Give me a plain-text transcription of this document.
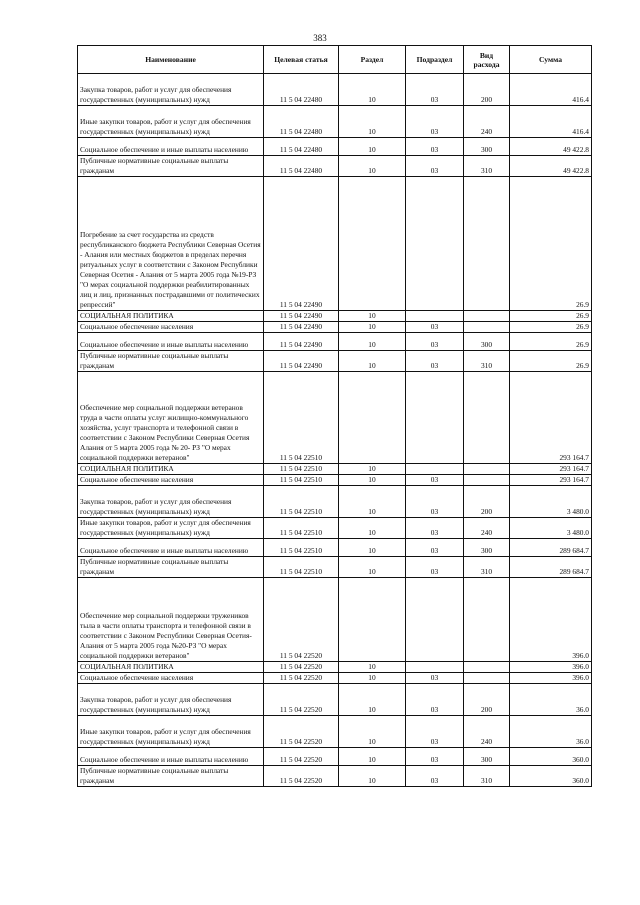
383
Наименование	Целевая статья	Раздел	Подраздел	Вид расхода	Сумма
Закупка товаров, работ и услуг для обеспечения государственных (муниципальных) нужд	11 5 04 22480	10	03	200	416.4
Иные закупки товаров, работ и услуг для обеспечения государственных (муниципальных) нужд	11 5 04 22480	10	03	240	416.4
Социальное обеспечение и иные выплаты населению	11 5 04 22480	10	03	300	49 422.8
Публичные нормативные социальные выплаты гражданам	11 5 04 22480	10	03	310	49 422.8
Погребение за счет государства из средств республиканского бюджета Республики Северная Осетия - Алания или местных бюджетов в пределах перечня ритуальных услуг в соответствии с Законом Республики Северная Осетия - Алания от 5 марта 2005 года №19-РЗ "О мерах социальной поддержки реабилитированных лиц и лиц, признанных пострадавшими от политических репрессий"	11 5 04 22490				26.9
СОЦИАЛЬНАЯ ПОЛИТИКА	11 5 04 22490	10			26.9
Социальное обеспечение населения	11 5 04 22490	10	03		26.9
Социальное обеспечение и иные выплаты населению	11 5 04 22490	10	03	300	26.9
Публичные нормативные социальные выплаты гражданам	11 5 04 22490	10	03	310	26.9
Обеспечение мер социальной поддержки ветеранов труда в части оплаты услуг жилищно-коммунального хозяйства, услуг транспорта и телефонной связи в соответствии с Законом Республики Северная Осетия Алания от 5 марта 2005 года № 20- РЗ "О мерах социальной поддержки ветеранов"	11 5 04 22510				293 164.7
СОЦИАЛЬНАЯ ПОЛИТИКА	11 5 04 22510	10			293 164.7
Социальное обеспечение населения	11 5 04 22510	10	03		293 164.7
Закупка товаров, работ и услуг для обеспечения государственных (муниципальных) нужд	11 5 04 22510	10	03	200	3 480.0
Иные закупки товаров, работ и услуг для обеспечения государственных (муниципальных) нужд	11 5 04 22510	10	03	240	3 480.0
Социальное обеспечение и иные выплаты населению	11 5 04 22510	10	03	300	289 684.7
Публичные нормативные социальные выплаты гражданам	11 5 04 22510	10	03	310	289 684.7
Обеспечение мер социальной поддержки тружеников тыла в части оплаты транспорта и телефонной связи в соответствии с Законом Республики Северная Осетия-Алания от 5 марта 2005 года №20-РЗ "О мерах социальной поддержки ветеранов"	11 5 04 22520				396.0
СОЦИАЛЬНАЯ ПОЛИТИКА	11 5 04 22520	10			396.0
Социальное обеспечение населения	11 5 04 22520	10	03		396.0
Закупка товаров, работ и услуг для обеспечения государственных (муниципальных) нужд	11 5 04 22520	10	03	200	36.0
Иные закупки товаров, работ и услуг для обеспечения государственных (муниципальных) нужд	11 5 04 22520	10	03	240	36.0
Социальное обеспечение и иные выплаты населению	11 5 04 22520	10	03	300	360.0
Публичные нормативные социальные выплаты гражданам	11 5 04 22520	10	03	310	360.0
